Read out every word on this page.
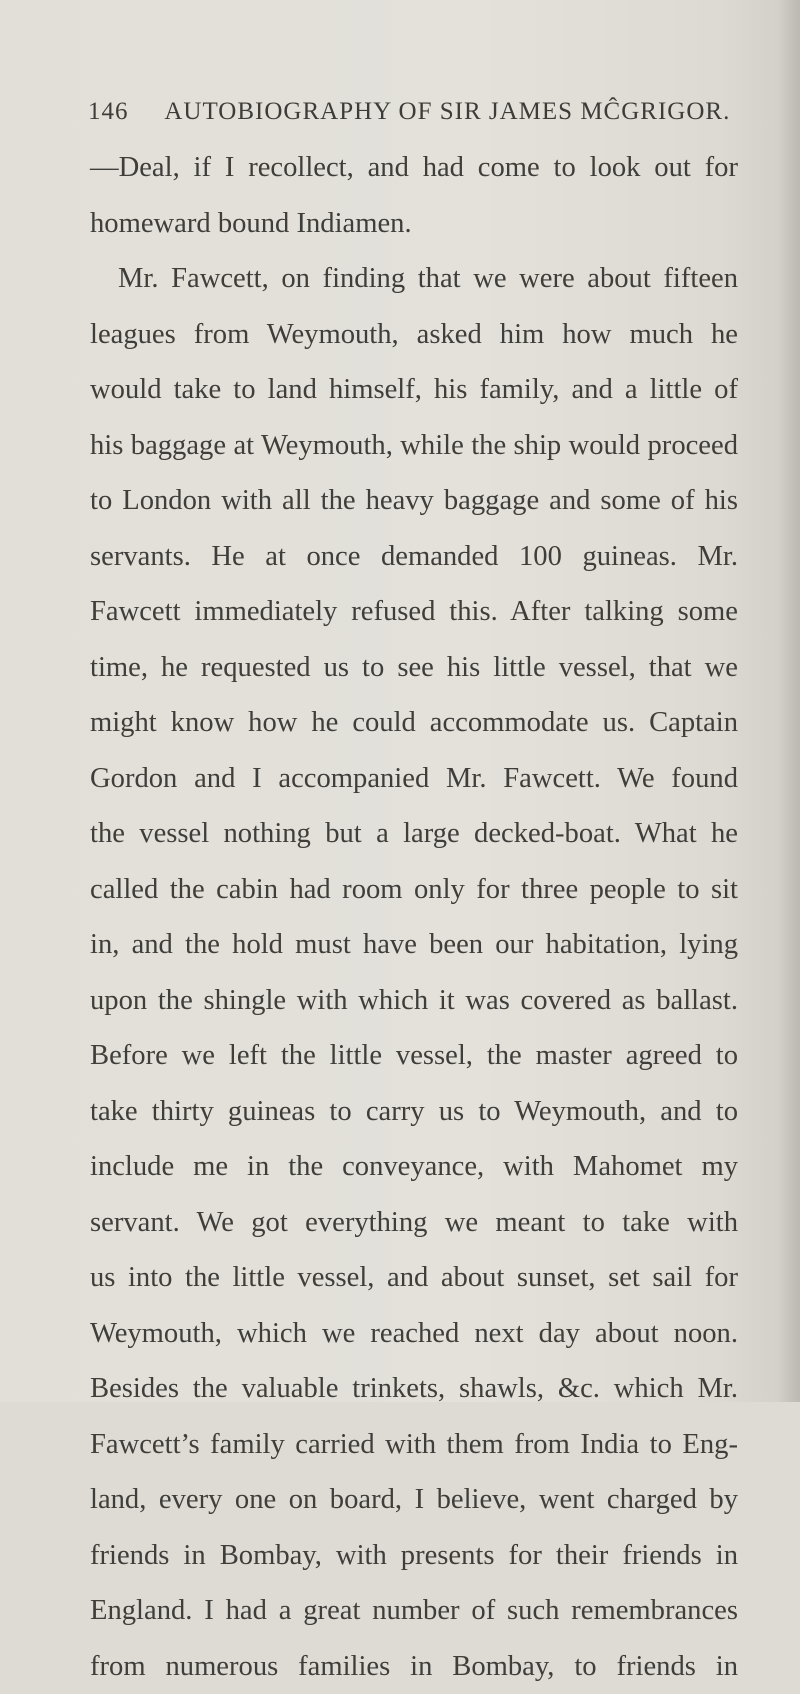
146 AUTOBIOGRAPHY OF SIR JAMES MĈGRIGOR.
—Deal, if I recollect, and had come to look out for
homeward bound Indiamen.
Mr. Fawcett, on finding that we were about fifteen
leagues from Weymouth, asked him how much he
would take to land himself, his family, and a little of
his baggage at Weymouth, while the ship would proceed
to London with all the heavy baggage and some of his
servants. He at once demanded 100 guineas. Mr.
Fawcett immediately refused this. After talking some
time, he requested us to see his little vessel, that we
might know how he could accommodate us. Captain
Gordon and I accompanied Mr. Fawcett. We found
the vessel nothing but a large decked-boat. What he
called the cabin had room only for three people to sit
in, and the hold must have been our habitation, lying
upon the shingle with which it was covered as ballast.
Before we left the little vessel, the master agreed to
take thirty guineas to carry us to Weymouth, and to
include me in the conveyance, with Mahomet my
servant. We got everything we meant to take with
us into the little vessel, and about sunset, set sail for
Weymouth, which we reached next day about noon.
Besides the valuable trinkets, shawls, &c. which Mr.
Fawcett’s family carried with them from India to Eng-
land, every one on board, I believe, went charged by
friends in Bombay, with presents for their friends in
England. I had a great number of such remembrances
from numerous families in Bombay, to friends in
